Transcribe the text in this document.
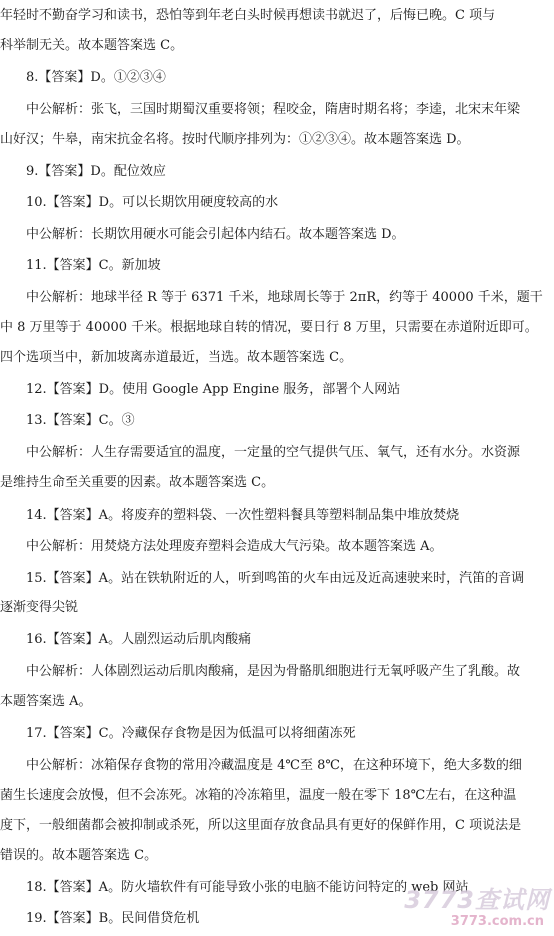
年轻时不勤奋学习和读书，恐怕等到年老白头时候再想读书就迟了，后悔已晚。C 项与
科举制无关。故本题答案选 C。
8.【答案】D。①②③④
中公解析：张飞，三国时期蜀汉重要将领；程咬金，隋唐时期名将；李逵，北宋末年梁
山好汉；牛皋，南宋抗金名将。按时代顺序排列为：①②③④。故本题答案选 D。
9.【答案】D。配位效应
10.【答案】D。可以长期饮用硬度较高的水
中公解析：长期饮用硬水可能会引起体内结石。故本题答案选 D。
11.【答案】C。新加坡
中公解析：地球半径 R 等于 6371 千米，地球周长等于 2πR，约等于 40000 千米，题干
中 8 万里等于 40000 千米。根据地球自转的情况，要日行 8 万里，只需要在赤道附近即可。
四个选项当中，新加坡离赤道最近，当选。故本题答案选 C。
12.【答案】D。使用 Google App Engine 服务，部署个人网站
13.【答案】C。③
中公解析：人生存需要适宜的温度，一定量的空气提供气压、氧气，还有水分。水资源
是维持生命至关重要的因素。故本题答案选 C。
14.【答案】A。将废弃的塑料袋、一次性塑料餐具等塑料制品集中堆放焚烧
中公解析：用焚烧方法处理废弃塑料会造成大气污染。故本题答案选 A。
15.【答案】A。站在铁轨附近的人，听到鸣笛的火车由远及近高速驶来时，汽笛的音调
逐渐变得尖锐
16.【答案】A。人剧烈运动后肌肉酸痛
中公解析：人体剧烈运动后肌肉酸痛，是因为骨骼肌细胞进行无氧呼吸产生了乳酸。故
本题答案选 A。
17.【答案】C。冷藏保存食物是因为低温可以将细菌冻死
中公解析：冰箱保存食物的常用冷藏温度是 4℃至 8℃，在这种环境下，绝大多数的细
菌生长速度会放慢，但不会冻死。冰箱的冷冻箱里，温度一般在零下 18℃左右，在这种温
度下，一般细菌都会被抑制或杀死，所以这里面存放食品具有更好的保鲜作用，C 项说法是
错误的。故本题答案选 C。
18.【答案】A。防火墙软件有可能导致小张的电脑不能访问特定的 web 网站
19.【答案】B。民间借贷危机
3773查试网
3773.com.cn
